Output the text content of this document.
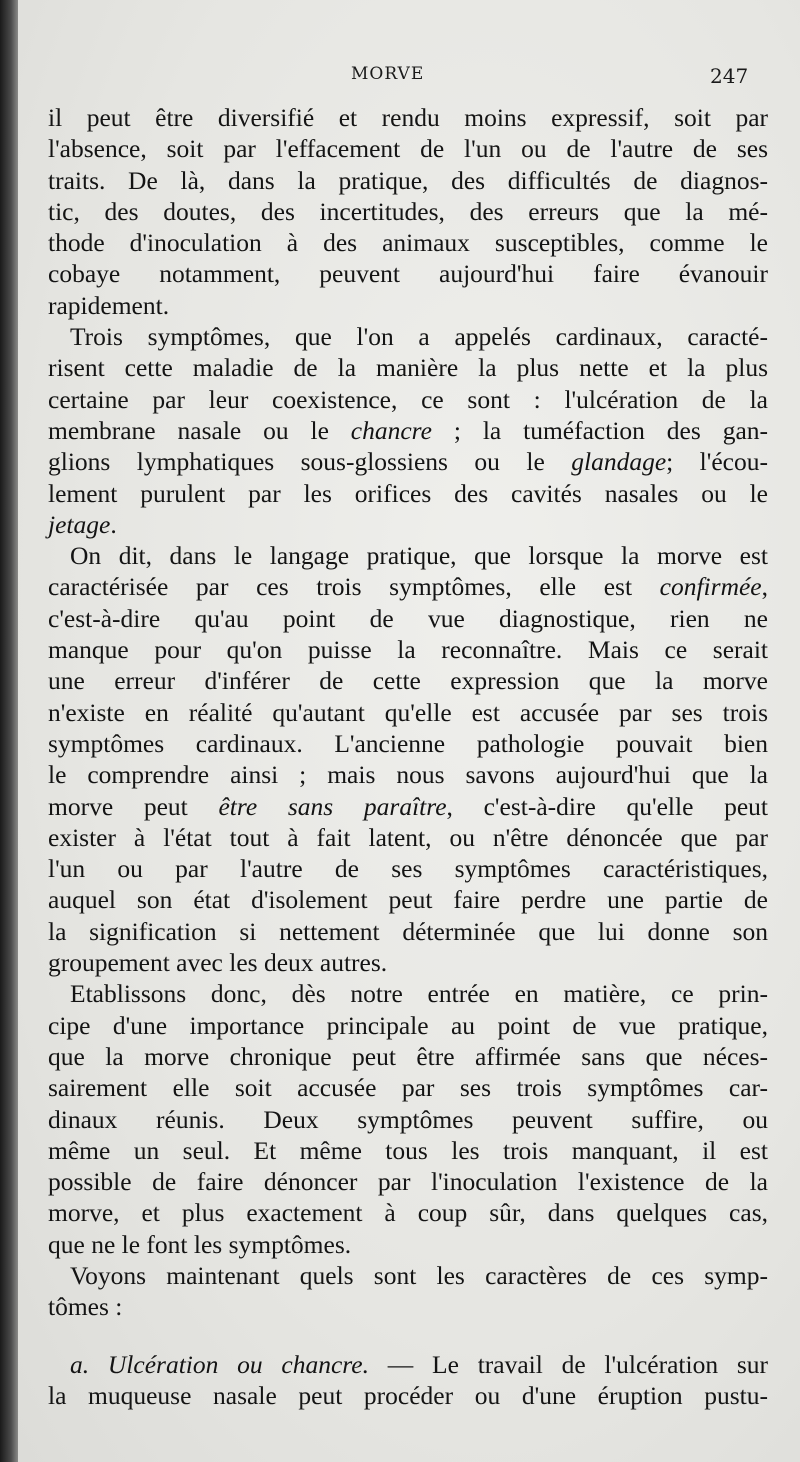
MORVE	247
il peut être diversifié et rendu moins expressif, soit par
l'absence, soit par l'effacement de l'un ou de l'autre de ses
traits. De là, dans la pratique, des difficultés de diagnos-
tic, des doutes, des incertitudes, des erreurs que la mé-
thode d'inoculation à des animaux susceptibles, comme le
cobaye notamment, peuvent aujourd'hui faire évanouir
rapidement.
Trois symptômes, que l'on a appelés cardinaux, caracté-
risent cette maladie de la manière la plus nette et la plus
certaine par leur coexistence, ce sont : l'ulcération de la
membrane nasale ou le chancre ; la tuméfaction des gan-
glions lymphatiques sous-glossiens ou le glandage; l'écou-
lement purulent par les orifices des cavités nasales ou le
jetage.
On dit, dans le langage pratique, que lorsque la morve est
caractérisée par ces trois symptômes, elle est confirmée,
c'est-à-dire qu'au point de vue diagnostique, rien ne
manque pour qu'on puisse la reconnaître. Mais ce serait
une erreur d'inférer de cette expression que la morve
n'existe en réalité qu'autant qu'elle est accusée par ses trois
symptômes cardinaux. L'ancienne pathologie pouvait bien
le comprendre ainsi ; mais nous savons aujourd'hui que la
morve peut être sans paraître, c'est-à-dire qu'elle peut
exister à l'état tout à fait latent, ou n'être dénoncée que par
l'un ou par l'autre de ses symptômes caractéristiques,
auquel son état d'isolement peut faire perdre une partie de
la signification si nettement déterminée que lui donne son
groupement avec les deux autres.
Etablissons donc, dès notre entrée en matière, ce prin-
cipe d'une importance principale au point de vue pratique,
que la morve chronique peut être affirmée sans que néces-
sairement elle soit accusée par ses trois symptômes car-
dinaux réunis. Deux symptômes peuvent suffire, ou
même un seul. Et même tous les trois manquant, il est
possible de faire dénoncer par l'inoculation l'existence de la
morve, et plus exactement à coup sûr, dans quelques cas,
que ne le font les symptômes.
Voyons maintenant quels sont les caractères de ces symp-
tômes :
a. Ulcération ou chancre. — Le travail de l'ulcération sur
la muqueuse nasale peut procéder ou d'une éruption pustu-
